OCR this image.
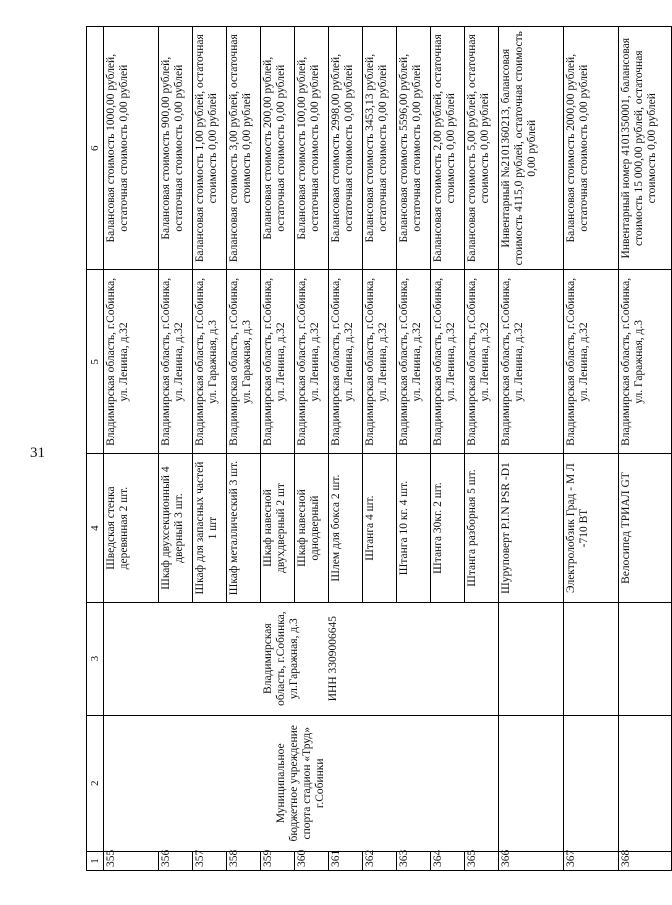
31
1	2	3	4	5	6
355	Муниципальное бюджетное учреждение спорта стадион «Труд» г.Собинки	Владимирская область, г.Собинка, ул.Гаражная, д.3 ИНН 3309006645	Шведская стенка деревянная 2 шт.	Владимирская область, г.Собинка, ул. Ленина, д.32	Балансовая стоимость 1000,00 рублей, остаточная стоимость 0,00 рублей
356			Шкаф двухсекционный 4 дверный 3 шт.	Владимирская область, г.Собинка, ул. Ленина, д.32	Балансовая стоимость 900,00 рублей, остаточная стоимость 0,00 рублей
357			Шкаф для запасных частей 1 шт	Владимирская область, г.Собинка, ул. Гаражная, д.3	Балансовая стоимость 1,00 рублей, остаточная стоимость 0,00 рублей
358			Шкаф металлический 3 шт.	Владимирская область, г.Собинка, ул. Гаражная, д.3	Балансовая стоимость 3,00 рублей, остаточная стоимость 0,00 рублей
359			Шкаф навесной двухдверный 2 шт	Владимирская область, г.Собинка, ул. Ленина, д.32	Балансовая стоимость 200,00 рублей, остаточная стоимость 0,00 рублей
360			Шкаф навесной однодверный	Владимирская область, г.Собинка, ул. Ленина, д.32	Балансовая стоимость 100,00 рублей, остаточная стоимость 0,00 рублей
361			Шлем для бокса 2 шт.	Владимирская область, г.Собинка, ул. Ленина, д.32	Балансовая стоимость 2998,00 рублей, остаточная стоимость 0,00 рублей
362			Штанга 4 шт.	Владимирская область, г.Собинка, ул. Ленина, д.32	Балансовая стоимость 3453,13 рублей, остаточная стоимость 0,00 рублей
363			Штанга 10 кг. 4 шт.	Владимирская область, г.Собинка, ул. Ленина, д.32	Балансовая стоимость 5596,00 рублей, остаточная стоимость 0,00 рублей
364			Штанга 30кг. 2 шт.	Владимирская область, г.Собинка, ул. Ленина, д.32	Балансовая стоимость 2,00 рублей, остаточная стоимость 0,00 рублей
365			Штанга разборная 5 шт.	Владимирская область, г.Собинка, ул. Ленина, д.32	Балансовая стоимость 5,00 рублей, остаточная стоимость 0,00 рублей
366			Шуруповерт P.I.N PSR -D1	Владимирская область, г.Собинка, ул. Ленина, д.32	Инвентарный №2101360213, балансовая стоимость 4115,0 рублей, остаточная стоимость 0,00 рублей
367			Электролобзик Град - М Л -710 ВТ	Владимирская область, г.Собинка, ул. Ленина, д.32	Балансовая стоимость 2000,00 рублей, остаточная стоимость 0,00 рублей
368			Велосипед ТРИАЛ GT	Владимирская область, г.Собинка, ул. Гаражная, д.3	Инвентарный номер 4101350001, балансовая стоимость 15 000,00 рублей, остаточная стоимость 0,00 рублей
